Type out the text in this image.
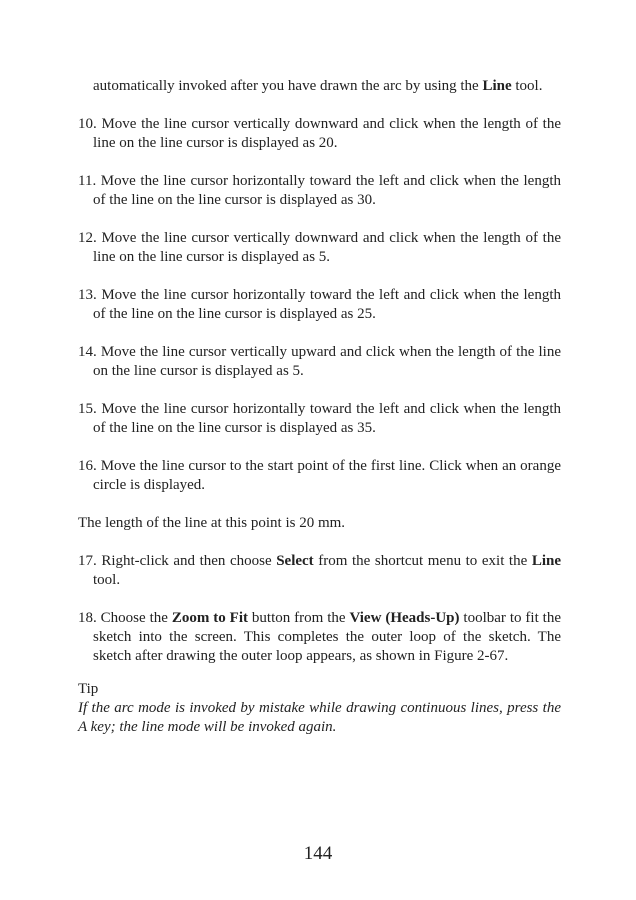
automatically invoked after you have drawn the arc by using the Line tool.

10. Move the line cursor vertically downward and click when the length of the line on the line cursor is displayed as 20.

11. Move the line cursor horizontally toward the left and click when the length of the line on the line cursor is displayed as 30.

12. Move the line cursor vertically downward and click when the length of the line on the line cursor is displayed as 5.

13. Move the line cursor horizontally toward the left and click when the length of the line on the line cursor is displayed as 25.

14. Move the line cursor vertically upward and click when the length of the line on the line cursor is displayed as 5.

15. Move the line cursor horizontally toward the left and click when the length of the line on the line cursor is displayed as 35.

16. Move the line cursor to the start point of the first line. Click when an orange circle is displayed.

The length of the line at this point is 20 mm.

17. Right-click and then choose Select from the shortcut menu to exit the Line tool.

18. Choose the Zoom to Fit button from the View (Heads-Up) toolbar to fit the sketch into the screen. This completes the outer loop of the sketch. The sketch after drawing the outer loop appears, as shown in Figure 2-67.

Tip

If the arc mode is invoked by mistake while drawing continuous lines, press the A key; the line mode will be invoked again.

144
